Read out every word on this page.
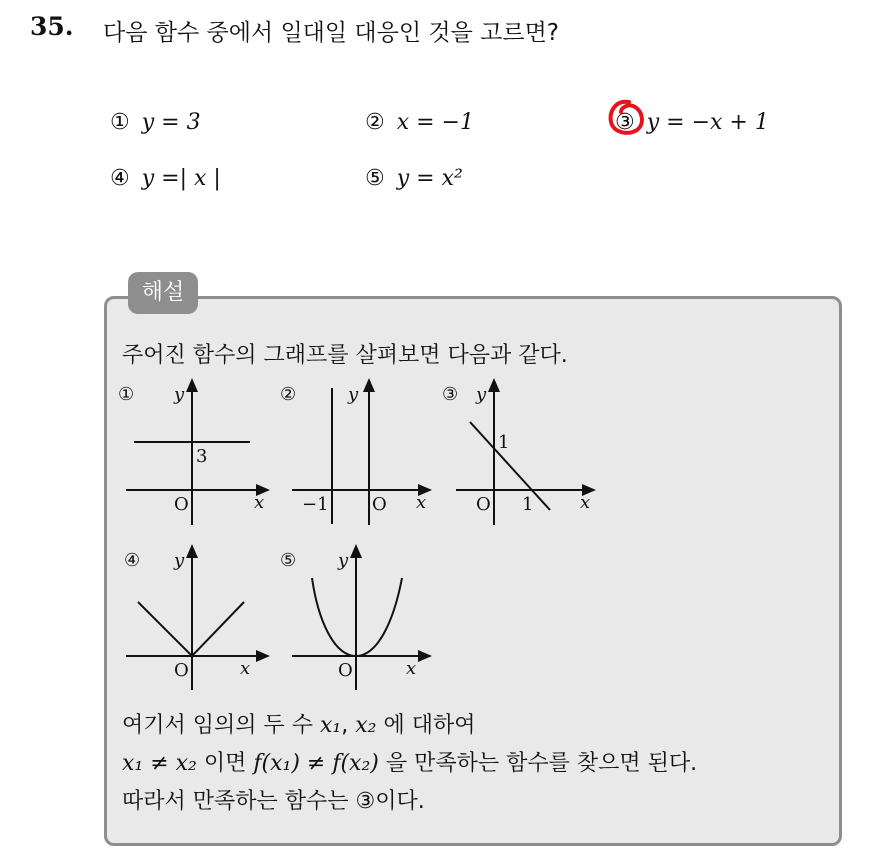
35. 다음 함수 중에서 일대일 대응인 것을 고르면?
① y = 3	② x = −1	③ y = −x + 1
④ y =| x |	⑤ y = x²
해설
주어진 함수의 그래프를 살펴보면 다음과 같다.
① y
x
O
3
②	y
x
O
−1
③ y
x
O
1
1
④ y
x
O
⑤ y
x
O
여기서 임의의 두 수 x₁, x₂ 에 대하여
x₁ ≠ x₂ 이면 f(x₁) ≠ f(x₂) 을 만족하는 함수를 찾으면 된다.
따라서 만족하는 함수는 ③이다.
